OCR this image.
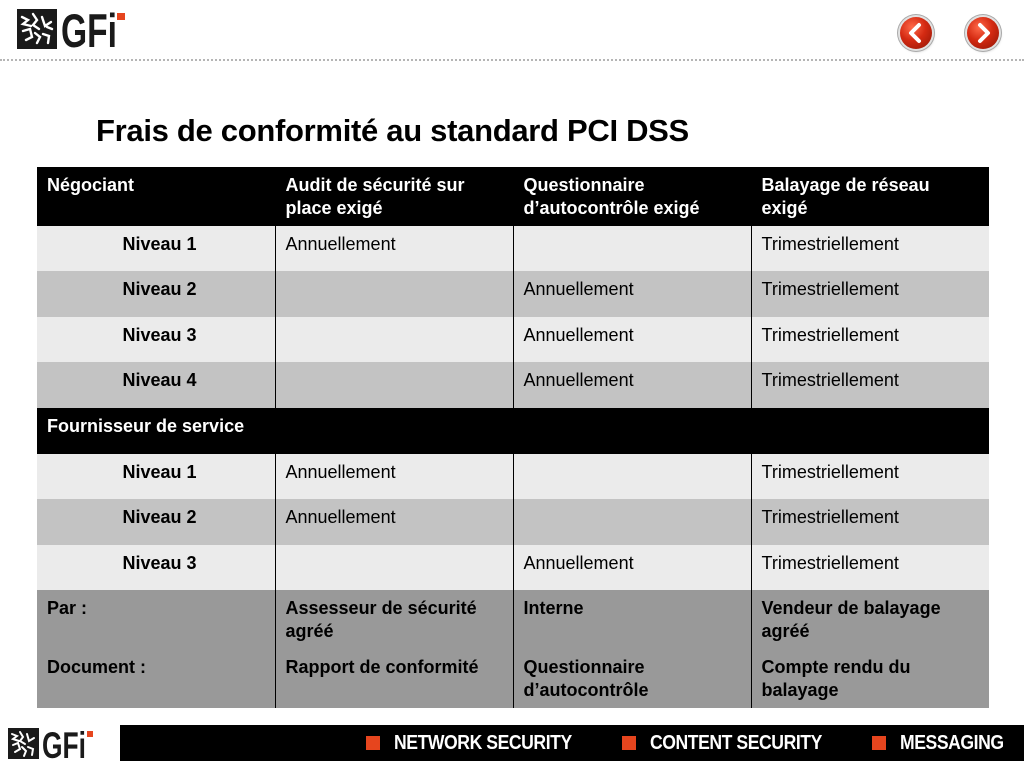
GFi
Frais de conformité au standard PCI DSS
Négociant	Audit de sécurité sur place exigé	Questionnaire d’autocontrôle exigé	Balayage de réseau exigé
Niveau 1	Annuellement		Trimestriellement
Niveau 2		Annuellement	Trimestriellement
Niveau 3		Annuellement	Trimestriellement
Niveau 4		Annuellement	Trimestriellement
Fournisseur de service			
Niveau 1	Annuellement		Trimestriellement
Niveau 2	Annuellement		Trimestriellement
Niveau 3		Annuellement	Trimestriellement
Par :	Assesseur de sécurité agréé	Interne	Vendeur de balayage agréé
Document :	Rapport de conformité	Questionnaire d’autocontrôle	Compte rendu du balayage
GFi	NETWORK SECURITY	CONTENT SECURITY	MESSAGING
